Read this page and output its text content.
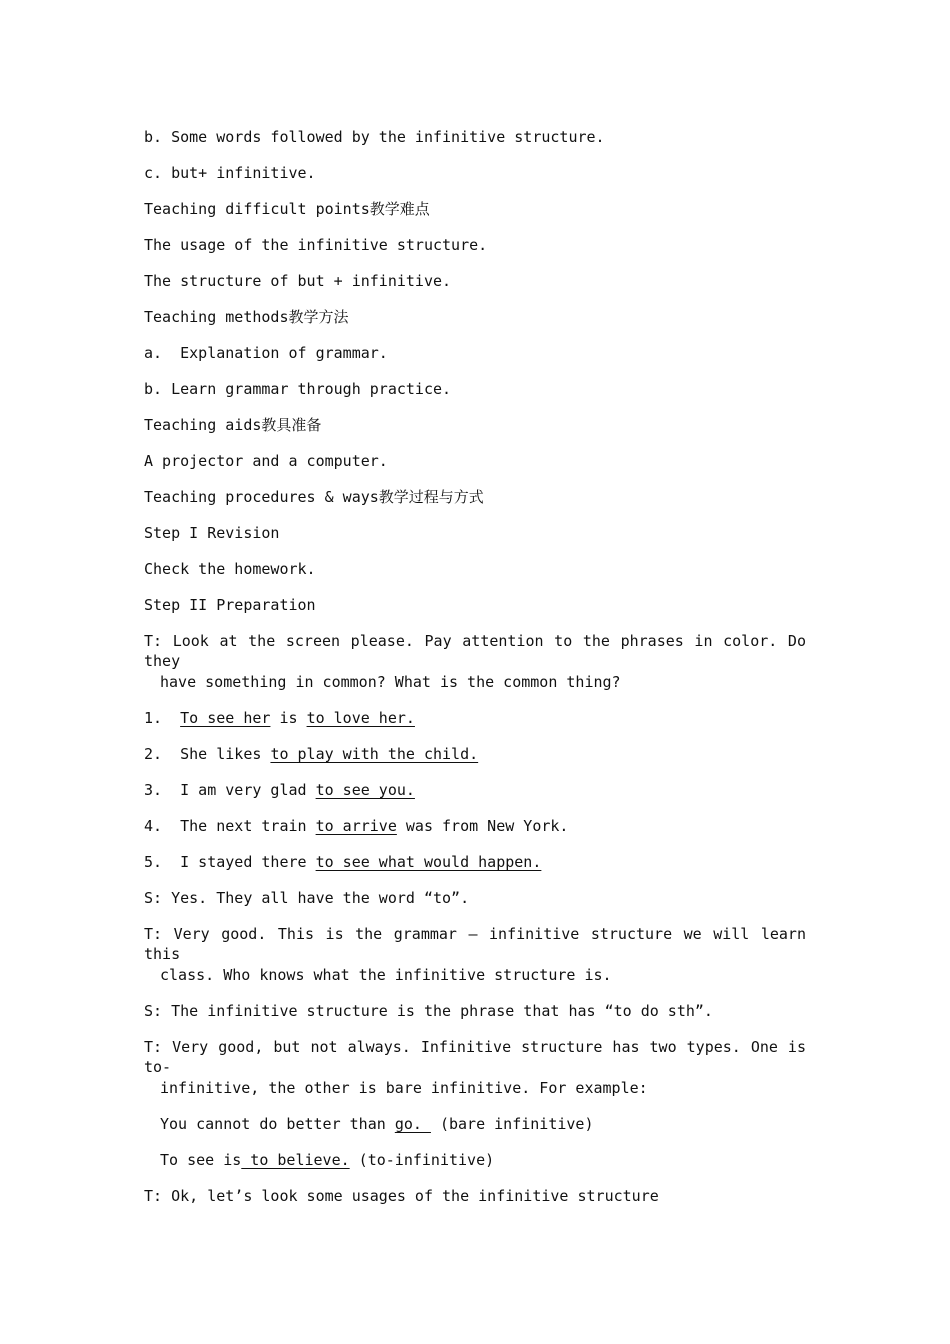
b. Some words followed by the infinitive structure.
c. but+ infinitive.
Teaching difficult points教学难点
The usage of the infinitive structure.
The structure of but + infinitive.
Teaching methods教学方法
a.  Explanation of grammar.
b. Learn grammar through practice.
Teaching aids教具准备
A projector and a computer.
Teaching procedures & ways教学过程与方式
Step I Revision
Check the homework.
Step II Preparation
T: Look at the screen please. Pay attention to the phrases in color. Do they
have something in common? What is the common thing?
1.  To see her is to love her.
2.  She likes to play with the child.
3.  I am very glad to see you.
4.  The next train to arrive was from New York.
5.  I stayed there to see what would happen.
S: Yes. They all have the word “to”.
T: Very good. This is the grammar – infinitive structure we will learn this
class. Who knows what the infinitive structure is.
S: The infinitive structure is the phrase that has “to do sth”.
T: Very good, but not always. Infinitive structure has two types. One is to-
infinitive, the other is bare infinitive. For example:
You cannot do better than go.  (bare infinitive)
To see is to believe. (to-infinitive)
T: Ok, let’s look some usages of the infinitive structure
